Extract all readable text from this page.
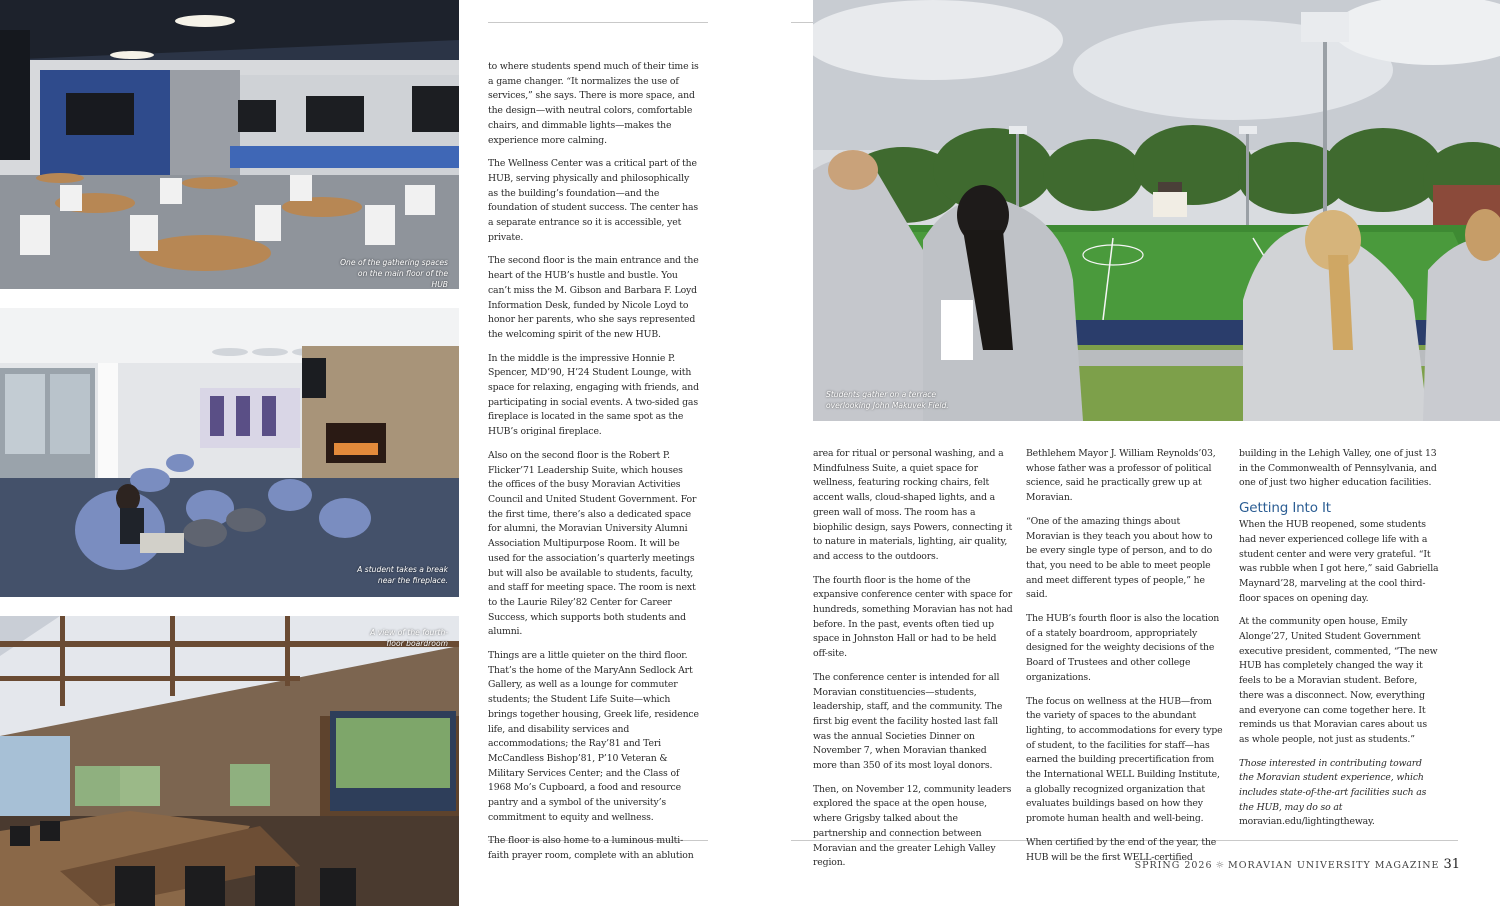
One of the gathering spaces on the main floor of the HUB
A student takes a break near the fireplace.
A view of the fourth-floor boardroom
Students gather on a terrace overlooking John Makuvek Field.

to where students spend much of their time is a game changer. “It normalizes the use of services,” she says. There is more space, and the design—with neutral colors, comfortable chairs, and dimmable lights—makes the experience more calming.

The Wellness Center was a critical part of the HUB, serving physically and philosophically as the building’s foundation—and the foundation of student success. The center has a separate entrance so it is accessible, yet private.

The second floor is the main entrance and the heart of the HUB’s hustle and bustle. You can’t miss the M. Gibson and Barbara F. Loyd Information Desk, funded by Nicole Loyd to honor her parents, who she says represented the welcoming spirit of the new HUB.

In the middle is the impressive Honnie P. Spencer, MD’90, H’24 Student Lounge, with space for relaxing, engaging with friends, and participating in social events. A two-sided gas fireplace is located in the same spot as the HUB’s original fireplace.

Also on the second floor is the Robert P. Flicker’71 Leadership Suite, which houses the offices of the busy Moravian Activities Council and United Student Government. For the first time, there’s also a dedicated space for alumni, the Moravian University Alumni Association Multipurpose Room. It will be used for the association’s quarterly meetings but will also be available to students, faculty, and staff for meeting space. The room is next to the Laurie Riley’82 Center for Career Success, which supports both students and alumni.

Things are a little quieter on the third floor. That’s the home of the MaryAnn Sedlock Art Gallery, as well as a lounge for commuter students; the Student Life Suite—which brings together housing, Greek life, residence life, and disability services and accommodations; the Ray’81 and Teri McCandless Bishop’81, P’10 Veteran & Military Services Center; and the Class of 1968 Mo’s Cupboard, a food and resource pantry and a symbol of the university’s commitment to equity and wellness.

The floor is also home to a luminous multi-faith prayer room, complete with an ablution

area for ritual or personal washing, and a Mindfulness Suite, a quiet space for wellness, featuring rocking chairs, felt accent walls, cloud-shaped lights, and a green wall of moss. The room has a biophilic design, says Powers, connecting it to nature in materials, lighting, air quality, and access to the outdoors.

The fourth floor is the home of the expansive conference center with space for hundreds, something Moravian has not had before. In the past, events often tied up space in Johnston Hall or had to be held off-site.

The conference center is intended for all Moravian constituencies—students, leadership, staff, and the community. The first big event the facility hosted last fall was the annual Societies Dinner on November 7, when Moravian thanked more than 350 of its most loyal donors.

Then, on November 12, community leaders explored the space at the open house, where Grigsby talked about the partnership and connection between Moravian and the greater Lehigh Valley region.

Bethlehem Mayor J. William Reynolds’03, whose father was a professor of political science, said he practically grew up at Moravian.

“One of the amazing things about Moravian is they teach you about how to be every single type of person, and to do that, you need to be able to meet people and meet different types of people,” he said.

The HUB’s fourth floor is also the location of a stately boardroom, appropriately designed for the weighty decisions of the Board of Trustees and other college organizations.

The focus on wellness at the HUB—from the variety of spaces to the abundant lighting, to accommodations for every type of student, to the facilities for staff—has earned the building precertification from the International WELL Building Institute, a globally recognized organization that evaluates buildings based on how they promote human health and well-being.

When certified by the end of the year, the HUB will be the first WELL-certified

building in the Lehigh Valley, one of just 13 in the Commonwealth of Pennsylvania, and one of just two higher education facilities.

Getting Into It

When the HUB reopened, some students had never experienced college life with a student center and were very grateful. “It was rubble when I got here,” said Gabriella Maynard’28, marveling at the cool third-floor spaces on opening day.

At the community open house, Emily Alonge’27, United Student Government executive president, commented, “The new HUB has completely changed the way it feels to be a Moravian student. Before, there was a disconnect. Now, everything and everyone can come together here. It reminds us that Moravian cares about us as whole people, not just as students.”

Those interested in contributing toward the Moravian student experience, which includes state-of-the-art facilities such as the HUB, may do so at moravian.edu/lightingtheway.

SPRING 2026 ☼ MORAVIAN UNIVERSITY MAGAZINE 31
